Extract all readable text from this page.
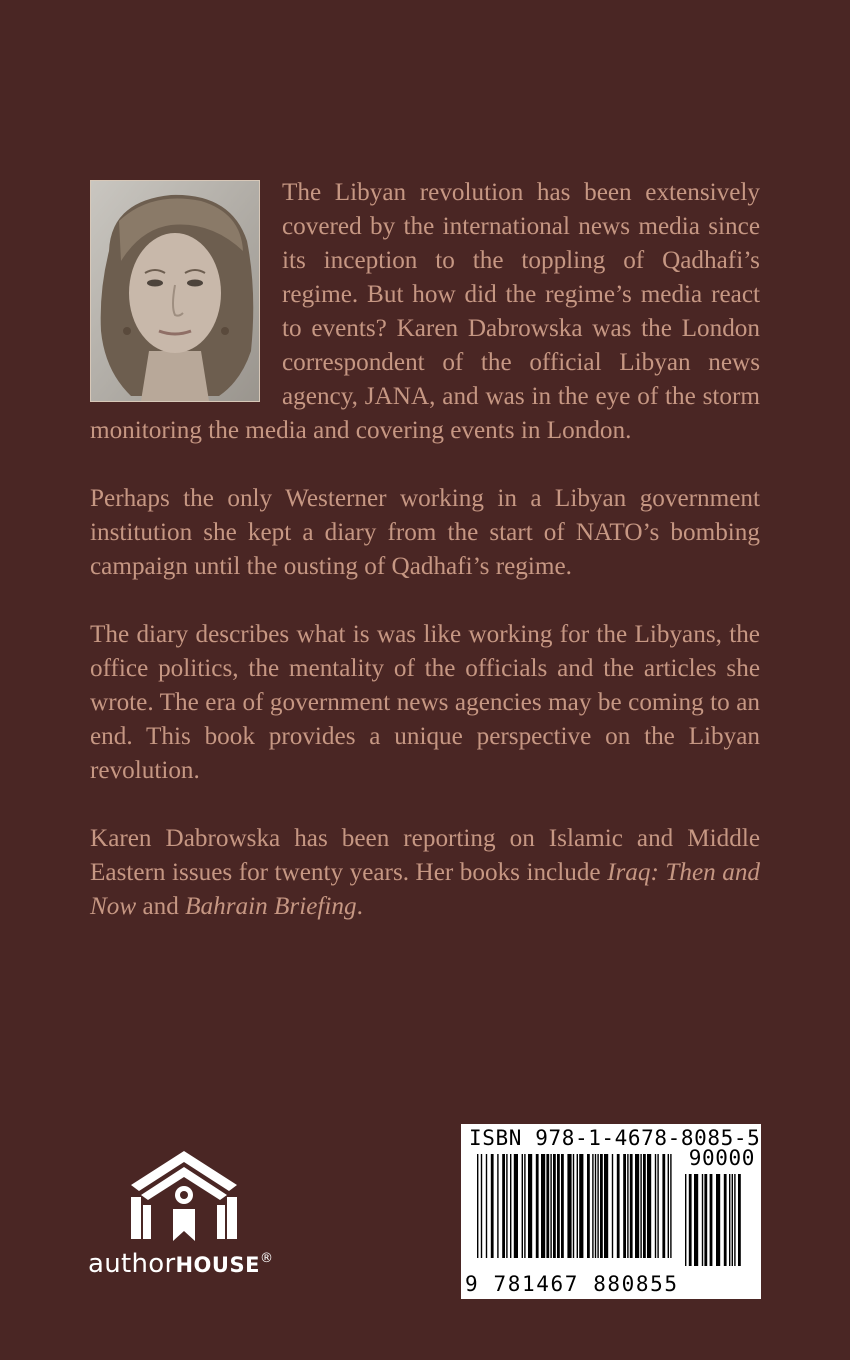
The Libyan revolution has been extensively covered by the international news media since its inception to the toppling of Qadhafi’s regime. But how did the regime’s media react to events? Karen Dabrowska was the London correspondent of the official Libyan news agency, JANA, and was in the eye of the storm monitoring the media and covering events in London.

Perhaps the only Westerner working in a Libyan government institution she kept a diary from the start of NATO’s bombing campaign until the ousting of Qadhafi’s regime.

The diary describes what is was like working for the Libyans, the office politics, the mentality of the officials and the articles she wrote. The era of government news agencies may be coming to an end. This book provides a unique perspective on the Libyan revolution.

Karen Dabrowska has been reporting on Islamic and Middle Eastern issues for twenty years. Her books include Iraq: Then and Now and Bahrain Briefing.

authorHOUSE®
ISBN 978-1-4678-8085-5
90000
9 781467 880855
